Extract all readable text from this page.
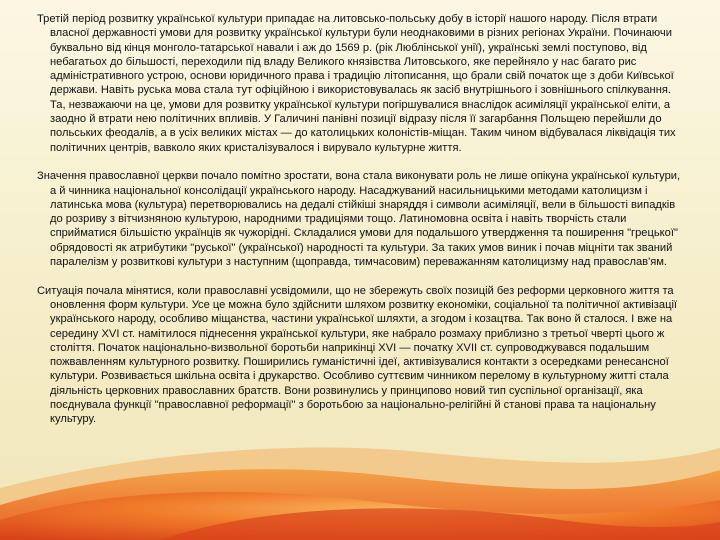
Третій період розвитку української культури припадає на литовсько-польську добу в історії нашого народу. Після втрати власної державності умови для розвитку української культури були неоднаковими в різних регіонах України. Починаючи буквально від кінця монголо-татарської навали і аж до 1569 р. (рік Люблінської унії), українські землі поступово, від небагатьох до більшості, переходили під владу Великого князівства Литовського, яке перейняло у нас багато рис адміністративного устрою, основи юридичного права і традицію літописання, що брали свій початок ще з доби Київської держави. Навіть руська мова стала тут офіційною і використовувалась як засіб внутрішнього і зовнішнього спілкування. Та, незважаючи на це, умови для розвитку української культури погіршувалися внаслідок асиміляції української еліти, а заодно й втрати нею політичних впливів. У Галичині панівні позиції відразу після її загарбання Польщею перейшли до польських феодалів, а в усіх великих містах — до католицьких колоністів-міщан. Таким чином відбувалася ліквідація тих політичних центрів, вавколо яких кристалізувалося і вирувало культурне життя.

Значення православної церкви почало помітно зростати, вона стала виконувати роль не лише опікуна української культури, а й чинника національної консолідації українського народу. Насаджуваний насильницькими методами католицизм і латинська мова (культура) перетворювались на дедалі стійкіші знаряддя і символи асиміляції, вели в більшості випадків до розриву з вітчизняною культурою, народними традиціями тощо. Латиномовна освіта і навіть творчість стали сприйматися більшістю українців як чужорідні. Складалися умови для подальшого утвердження та поширення "грецької" обрядовості як атрибутики "руської" (української) народності та культури. За таких умов виник і почав міцніти так званий паралелізм у розвиткові культури з наступним (щоправда, тимчасовим) переважанням католицизму над православ'ям.

Ситуація почала мінятися, коли православні усвідомили, що не збережуть своїх позицій без реформи церковного життя та оновлення форм культури. Усе це можна було здійснити шляхом розвитку економіки, соціальної та політичної активізації українського народу, особливо міщанства, частини української шляхти, а згодом і козацтва. Так воно й сталося. І вже на середину XVI ст. намітилося піднесення української культури, яке набрало розмаху приблизно з третьої чверті цього ж століття. Початок національно-визвольної боротьби наприкінці XVI — початку XVII ст. супроводжувався подальшим пожвавленням культурного розвитку. Поширились гуманістичні ідеї, активізувалися контакти з осередками ренесансної культури. Розвивається шкільна освіта і друкарство. Особливо суттєвим чинником перелому в культурному житті стала діяльність церковних православних братств. Вони розвинулись у принципово новий тип суспільної організації, яка поєднувала функції "православної реформації" з боротьбою за національно-релігійні й станові права та національну культуру.
